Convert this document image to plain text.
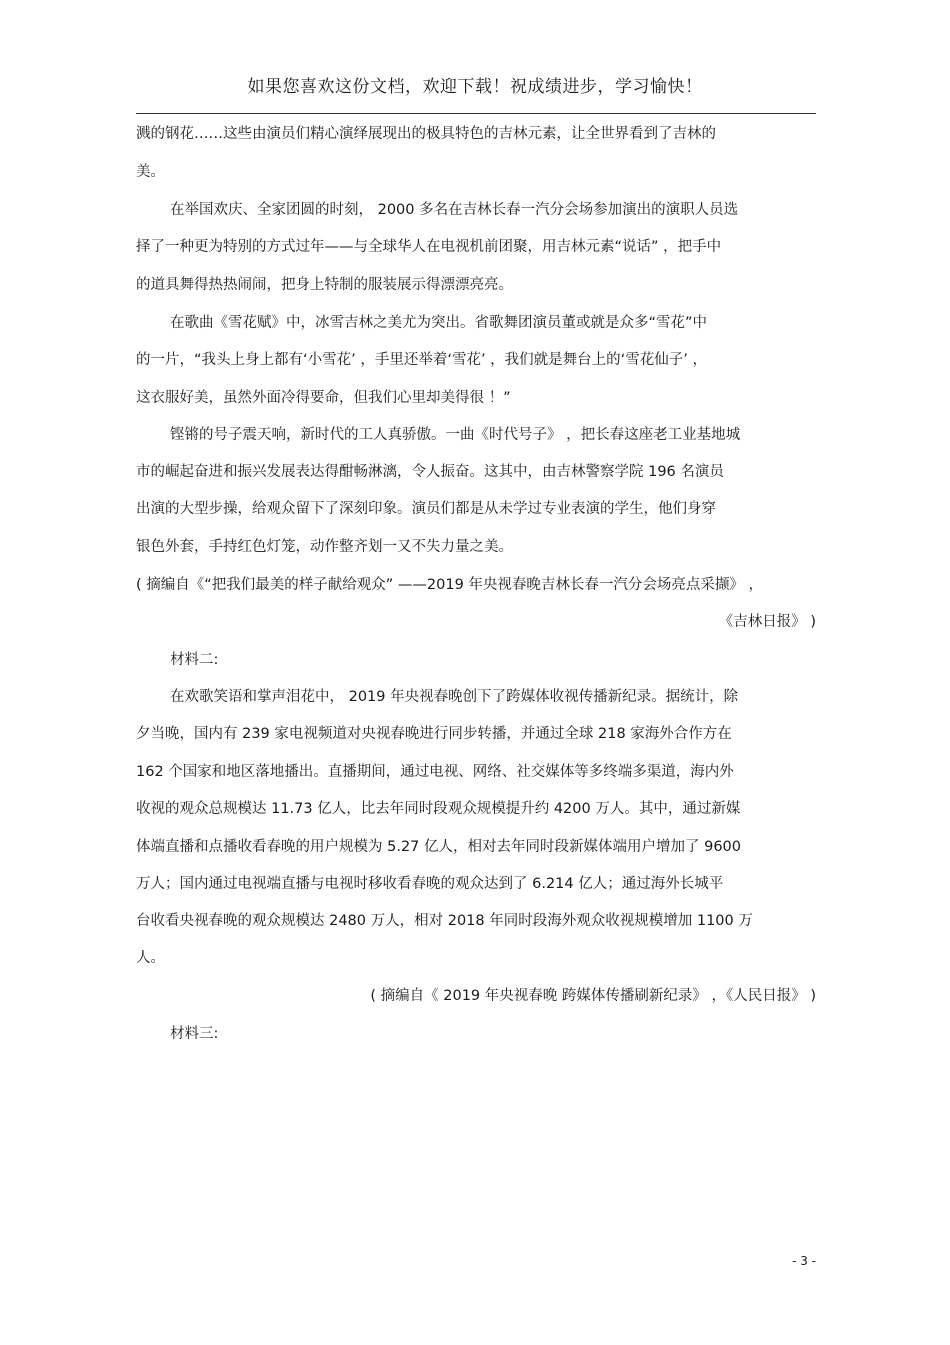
如果您喜欢这份文档，欢迎下载！祝成绩进步，学习愉快！
溅的钢花……这些由演员们精心演绎展现出的极具特色的吉林元素，让全世界看到了吉林的
美。
在举国欢庆、全家团圆的时刻， 2000 多名在吉林长春一汽分会场参加演出的演职人员选
择了一种更为特别的方式过年——与全球华人在电视机前团聚，用吉林元素“说话” ，把手中
的道具舞得热热闹闹，把身上特制的服装展示得漂漂亮亮。
在歌曲《雪花赋》中，冰雪吉林之美尤为突出。省歌舞团演员董或就是众多“雪花”中
的一片，“我头上身上都有‘小雪花’ ，手里还举着‘雪花’ ，我们就是舞台上的‘雪花仙子’ ，
这衣服好美，虽然外面冷得要命，但我们心里却美得很 ！”
铿锵的号子震天响，新时代的工人真骄傲。一曲《时代号子》 ，把长春这座老工业基地城
市的崛起奋进和振兴发展表达得酣畅淋漓，令人振奋。这其中，由吉林警察学院 196 名演员
出演的大型步操，给观众留下了深刻印象。演员们都是从未学过专业表演的学生，他们身穿
银色外套，手持红色灯笼，动作整齐划一又不失力量之美。
( 摘编自《“把我们最美的样子献给观众” ——2019 年央视春晚吉林长春一汽分会场亮点采撷》 ，
《吉林日报》 )
材料二:
在欢歌笑语和掌声泪花中， 2019 年央视春晚创下了跨媒体收视传播新纪录。据统计，除
夕当晚，国内有 239 家电视频道对央视春晚进行同步转播，并通过全球 218 家海外合作方在
162 个国家和地区落地播出。直播期间，通过电视、网络、社交媒体等多终端多渠道，海内外
收视的观众总规模达 11.73 亿人，比去年同时段观众规模提升约 4200 万人。其中，通过新媒
体端直播和点播收看春晚的用户规模为 5.27 亿人，相对去年同时段新媒体端用户增加了 9600
万人；国内通过电视端直播与电视时移收看春晚的观众达到了 6.214 亿人；通过海外长城平
台收看央视春晚的观众规模达 2480 万人，相对 2018 年同时段海外观众收视规模增加 1100 万
人。
( 摘编自《 2019 年央视春晚 跨媒体传播刷新纪录》 ，《人民日报》 )
材料三:
- 3 -
